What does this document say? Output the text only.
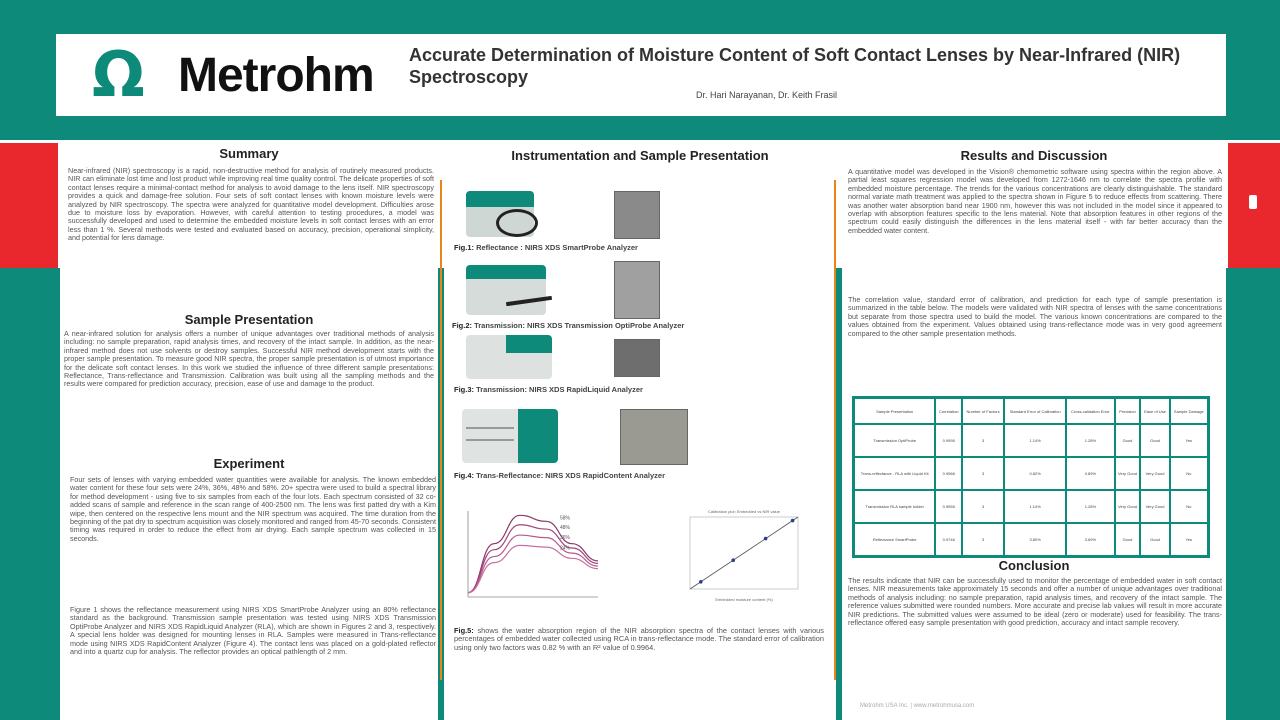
Ω Metrohm Accurate Determination of Moisture Content of Soft Contact Lenses by Near-Infrared (NIR) Spectroscopy
Dr. Hari Narayanan, Dr. Keith Frasil
Summary
Near-infrared (NIR) spectroscopy is a rapid, non-destructive method for analysis of routinely measured products. NIR can eliminate lost time and lost product while improving real time quality control. The delicate properties of soft contact lenses require a minimal-contact method for analysis to avoid damage to the lens itself. NIR spectroscopy provides a quick and damage-free solution. Four sets of soft contact lenses with known moisture levels were analyzed by NIR spectroscopy. The spectra were analyzed for quantitative model development. Difficulties arose due to moisture loss by evaporation. However, with careful attention to testing procedures, a model was successfully developed and used to determine the embedded moisture levels in soft contact lenses with an error less than 1 %. Several methods were tested and evaluated based on accuracy, precision, operational simplicity, and potential for lens damage.
Sample Presentation
A near-infrared solution for analysis offers a number of unique advantages over traditional methods of analysis including: no sample preparation, rapid analysis times, and recovery of the intact sample. In addition, as the near-infrared method does not use solvents or destroy samples. Successful NIR method development starts with the proper sample presentation. To measure good NIR spectra, the proper sample presentation is of utmost importance for the delicate soft contact lenses. In this work we studied the influence of three different sample presentations: Reflectance, Trans-reflectance and Transmission. Calibration was built using all the sampling methods and the results were compared for prediction accuracy, precision, ease of use and damage to the product.
Experiment
Four sets of lenses with varying embedded water quantities were available for analysis. The known embedded water content for these four sets were 24%, 36%, 48% and 58%. 20+ spectra were used to build a spectral library for method development - using five to six samples from each of the four lots. Each spectrum consisted of 32 co-added scans of sample and reference in the scan range of 400-2500 nm. The lens was first patted dry with a Kim wipe, then centered on the respective lens mount and the NIR spectrum was acquired. The time duration from the beginning of the pat dry to spectrum acquisition was closely monitored and ranged from 45-70 seconds. Consistent timing was required in order to reduce the effect from air drying. Each sample spectrum was collected in 15 seconds.
Figure 1 shows the reflectance measurement using NIRS XDS SmartProbe Analyzer using an 80% reflectance standard as the background. Transmission sample presentation was tested using NIRS XDS Transmission OptiProbe Analyzer and NIRS XDS RapidLiquid Analyzer (RLA), which are shown in Figures 2 and 3, respectively. A special lens holder was designed for mounting lenses in RLA. Samples were measured in Trans-reflectance mode using NIRS XDS RapidContent Analyzer (Figure 4). The contact lens was placed on a gold-plated reflector and into a quartz cup for analysis. The reflector provides an optical pathlength of 2 mm.
Instrumentation and Sample Presentation
Fig.1: Reflectance : NIRS XDS SmartProbe Analyzer
Fig.2: Transmission: NIRS XDS Transmission OptiProbe Analyzer
Fig.3: Transmission: NIRS XDS RapidLiquid Analyzer
Fig.4: Trans-Reflectance: NIRS XDS RapidContent Analyzer
58%
48%
36%
24%
Calibration plot: Embedded vs NIR value
Embedded moisture content (%)
Fig.5: shows the water absorption region of the NIR absorption spectra of the contact lenses with various percentages of embedded water collected using RCA in trans-reflectance mode. The standard error of calibration using only two factors was 0.82 % with an R² value of 0.9964.
Results and Discussion
A quantitative model was developed in the Vision® chemometric software using spectra within the region above. A partial least squares regression model was developed from 1272-1646 nm to correlate the spectra profile with embedded moisture percentage. The trends for the various concentrations are clearly distinguishable. The standard normal variate math treatment was applied to the spectra shown in Figure 5 to reduce effects from scattering. There was another water absorption band near 1900 nm, however this was not included in the model since it appeared to overlap with absorption features specific to the lens material. Note that absorption features in other regions of the spectrum could easily distinguish the differences in the lens material itself - with far better accuracy than the embedded water content.
The correlation value, standard error of calibration, and prediction for each type of sample presentation is summarized in the table below. The models were validated with NIR spectra of lenses with the same concentrations but separate from those spectra used to build the model. The various known concentrations are compared to the values obtained from the experiment. Values obtained using trans-reflectance mode was in very good agreement compared to the other sample presentation methods.
Conclusion
The results indicate that NIR can be successfully used to monitor the percentage of embedded water in soft contact lenses. NIR measurements take approximately 15 seconds and offer a number of unique advantages over traditional methods of analysis including: no sample preparation, rapid analysis times, and recovery of the intact sample. The reference values submitted were rounded numbers. More accurate and precise lab values will result in more accurate NIR predictions. The submitted values were assumed to be ideal (zero or moderate) used for feasibility. The trans-reflectance offered easy sample presentation with good prediction, accuracy and intact sample recovery.
Sample Presentation	Correlation	Number of Factors	Standard Error of Calibration	Cross-validation Error	Precision	Ease of Use	Sample Damage
Transmission OptiProbe	0.9995	3	1.14%	1.28%	Good	Good	Yes
Trans-reflectance - RLA with Liquid Kit	0.9966	3	0.82%	0.89%	Very Good	Very Good	No
Transmission RLA sample holder	0.9955	3	1.14%	1.28%	Very Good	Very Good	No
Reflectance SmartProbe	0.9746	3	3.80%	3.69%	Good	Good	Yes
Metrohm USA Inc. | www.metrohmusa.com
